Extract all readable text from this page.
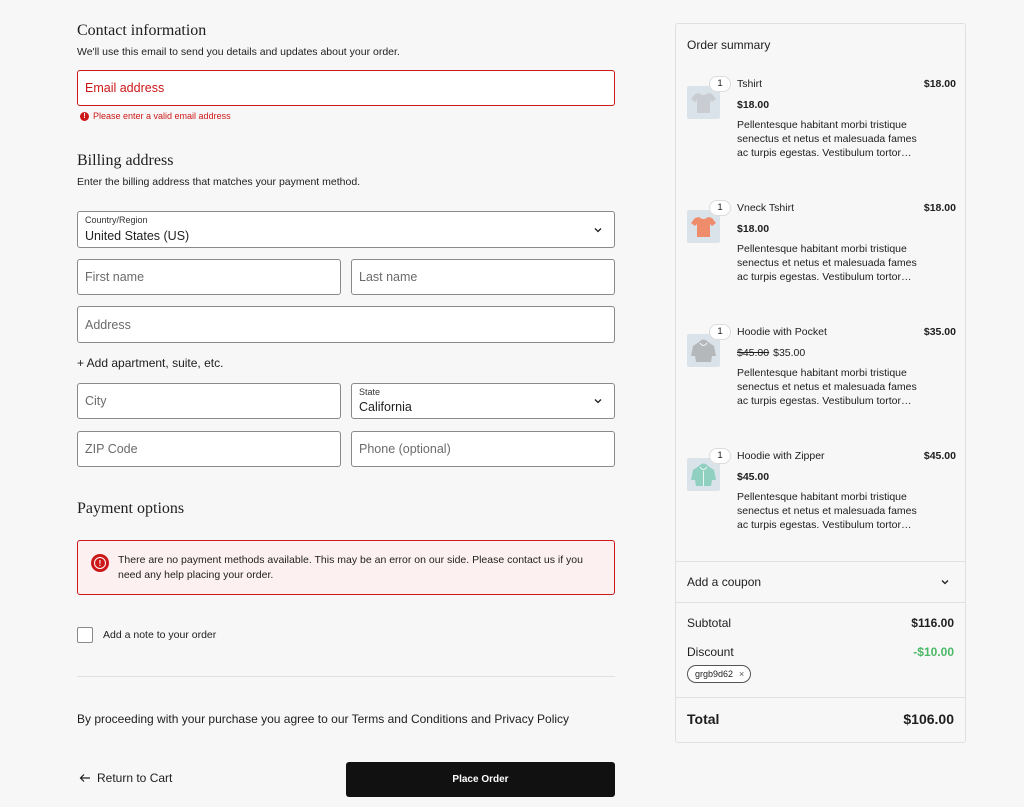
Contact information
We'll use this email to send you details and updates about your order.
Email address
! Please enter a valid email address
Billing address
Enter the billing address that matches your payment method.
Country/Region
United States (US)
First name	Last name
Address
+ Add apartment, suite, etc.
City
State
California
ZIP Code	Phone (optional)
Payment options
!	There are no payment methods available. This may be an error on our side. Please contact us if you need any help placing your order.
Add a note to your order
By proceeding with your purchase you agree to our Terms and Conditions and Privacy Policy
Return to Cart	Place Order
Order summary
1	Tshirt	$18.00
$18.00
Pellentesque habitant morbi tristique senectus et netus et malesuada fames ac turpis egestas. Vestibulum tortor…
1	Vneck Tshirt	$18.00
$18.00
Pellentesque habitant morbi tristique senectus et netus et malesuada fames ac turpis egestas. Vestibulum tortor…
1	Hoodie with Pocket	$35.00
$45.00 $35.00
Pellentesque habitant morbi tristique senectus et netus et malesuada fames ac turpis egestas. Vestibulum tortor…
1	Hoodie with Zipper	$45.00
$45.00
Pellentesque habitant morbi tristique senectus et netus et malesuada fames ac turpis egestas. Vestibulum tortor…
Add a coupon
Subtotal	$116.00
Discount	-$10.00
grgb9d62 ×
Total	$106.00
